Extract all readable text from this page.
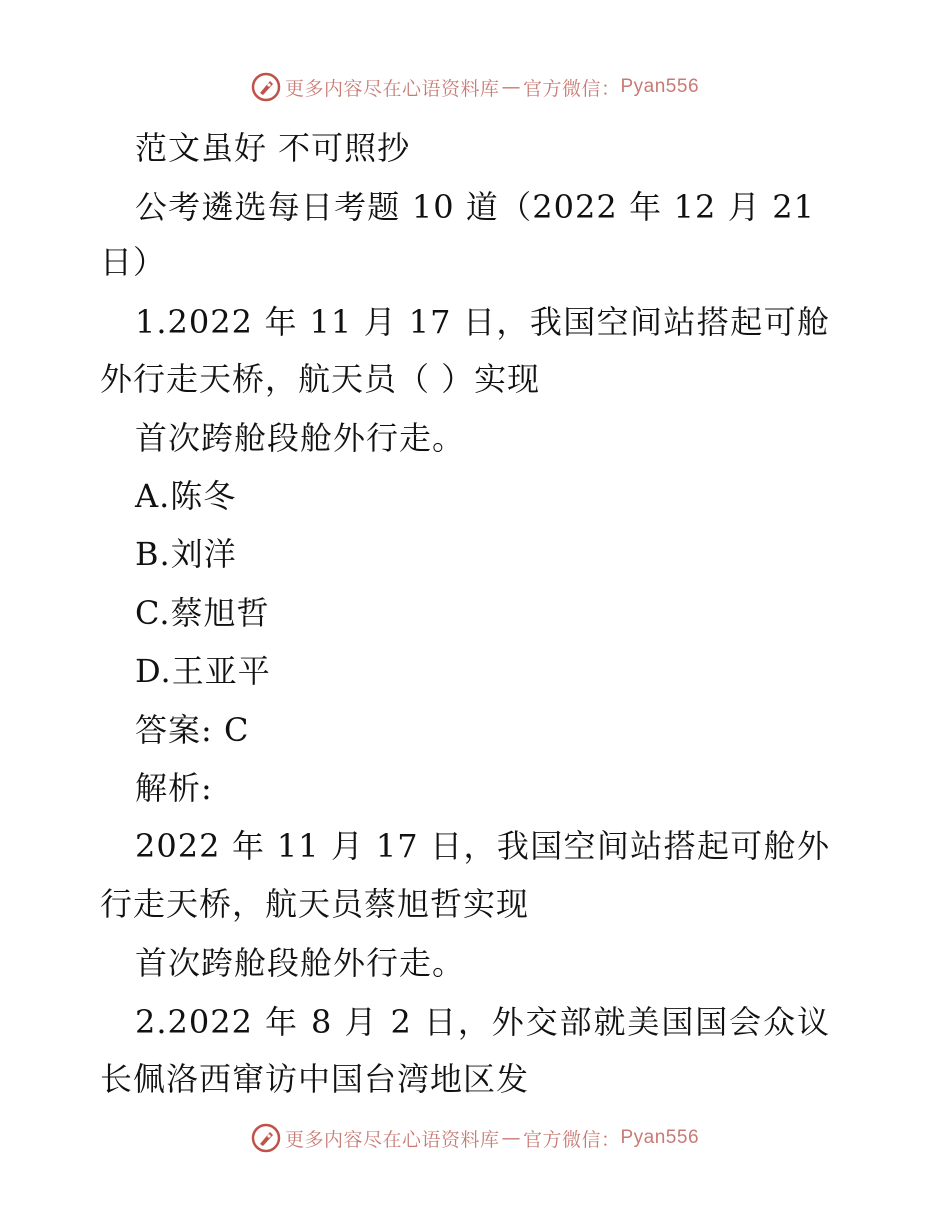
更多内容尽在心语资料库 — 官方微信： Pyan556
范文虽好 不可照抄
公考遴选每日考题 10 道（2022 年 12 月 21
日）
1.2022 年 11 月 17 日，我国空间站搭起可舱
外行走天桥，航天员（ ）实现
首次跨舱段舱外行走。
A.陈冬
B.刘洋
C.蔡旭哲
D.王亚平
答案: C
解析:
2022 年 11 月 17 日，我国空间站搭起可舱外
行走天桥，航天员蔡旭哲实现
首次跨舱段舱外行走。
2.2022 年 8 月 2 日，外交部就美国国会众议
长佩洛西窜访中国台湾地区发
更多内容尽在心语资料库 — 官方微信： Pyan556
